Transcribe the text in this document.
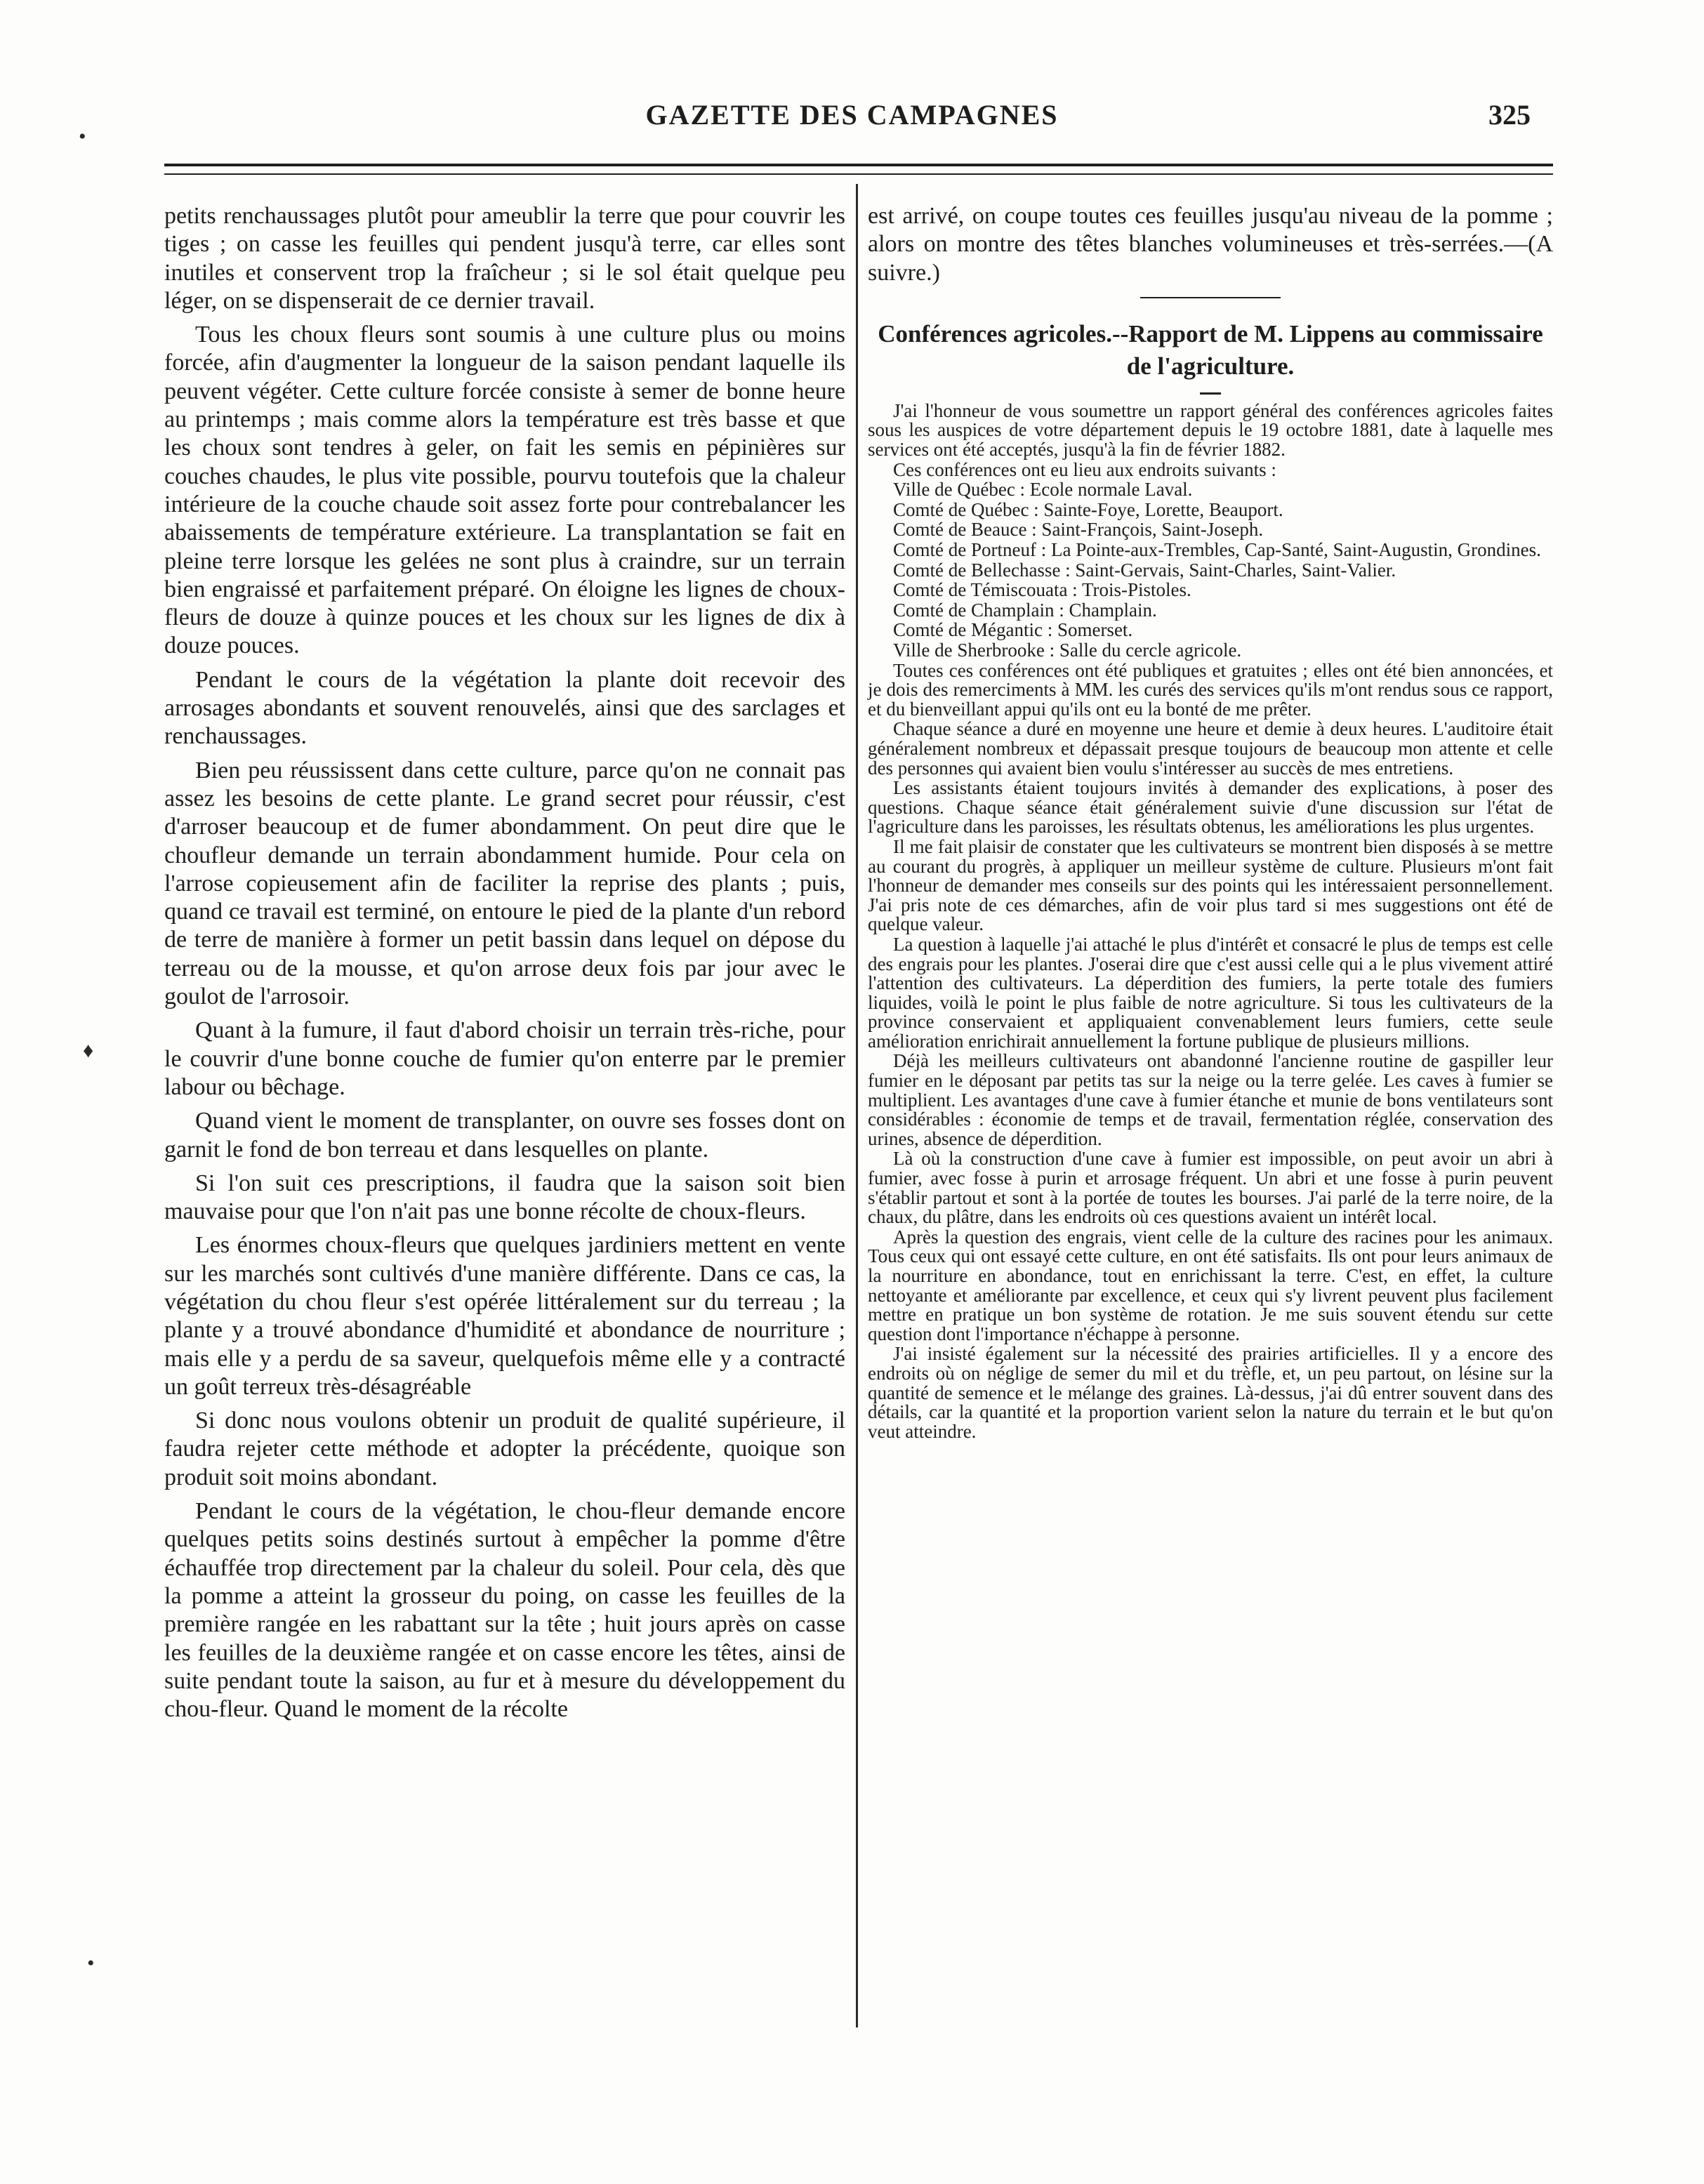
GAZETTE DES CAMPAGNES	325
•
♦
•

petits renchaussages plutôt pour ameublir la terre que pour couvrir les tiges ; on casse les feuilles qui pendent jusqu'à terre, car elles sont inutiles et conservent trop la fraîcheur ; si le sol était quelque peu léger, on se dispenserait de ce dernier travail.

Tous les choux fleurs sont soumis à une culture plus ou moins forcée, afin d'augmenter la longueur de la saison pendant laquelle ils peuvent végéter. Cette culture forcée consiste à semer de bonne heure au printemps ; mais comme alors la température est très basse et que les choux sont tendres à geler, on fait les semis en pépinières sur couches chaudes, le plus vite possible, pourvu toutefois que la chaleur intérieure de la couche chaude soit assez forte pour contrebalancer les abaissements de température extérieure. La transplantation se fait en pleine terre lorsque les gelées ne sont plus à craindre, sur un terrain bien engraissé et parfaitement préparé. On éloigne les lignes de choux-fleurs de douze à quinze pouces et les choux sur les lignes de dix à douze pouces.

Pendant le cours de la végétation la plante doit recevoir des arrosages abondants et souvent renouvelés, ainsi que des sarclages et renchaussages.

Bien peu réussissent dans cette culture, parce qu'on ne connait pas assez les besoins de cette plante. Le grand secret pour réussir, c'est d'arroser beaucoup et de fumer abondamment. On peut dire que le choufleur demande un terrain abondamment humide. Pour cela on l'arrose copieusement afin de faciliter la reprise des plants ; puis, quand ce travail est terminé, on entoure le pied de la plante d'un rebord de terre de manière à former un petit bassin dans lequel on dépose du terreau ou de la mousse, et qu'on arrose deux fois par jour avec le goulot de l'arrosoir.

Quant à la fumure, il faut d'abord choisir un terrain très-riche, pour le couvrir d'une bonne couche de fumier qu'on enterre par le premier labour ou bêchage.

Quand vient le moment de transplanter, on ouvre ses fosses dont on garnit le fond de bon terreau et dans lesquelles on plante.

Si l'on suit ces prescriptions, il faudra que la saison soit bien mauvaise pour que l'on n'ait pas une bonne récolte de choux-fleurs.

Les énormes choux-fleurs que quelques jardiniers mettent en vente sur les marchés sont cultivés d'une manière différente. Dans ce cas, la végétation du chou fleur s'est opérée littéralement sur du terreau ; la plante y a trouvé abondance d'humidité et abondance de nourriture ; mais elle y a perdu de sa saveur, quelquefois même elle y a contracté un goût terreux très-désagréable

Si donc nous voulons obtenir un produit de qualité supérieure, il faudra rejeter cette méthode et adopter la précédente, quoique son produit soit moins abondant.

Pendant le cours de la végétation, le chou-fleur demande encore quelques petits soins destinés surtout à empêcher la pomme d'être échauffée trop directement par la chaleur du soleil. Pour cela, dès que la pomme a atteint la grosseur du poing, on casse les feuilles de la première rangée en les rabattant sur la tête ; huit jours après on casse les feuilles de la deuxième rangée et on casse encore les têtes, ainsi de suite pendant toute la saison, au fur et à mesure du développement du chou-fleur. Quand le moment de la récolte

est arrivé, on coupe toutes ces feuilles jusqu'au niveau de la pomme ; alors on montre des têtes blanches volumineuses et très-serrées.—(A suivre.)

Conférences agricoles.--Rapport de M. Lippens au commissaire de l'agriculture.

J'ai l'honneur de vous soumettre un rapport général des conférences agricoles faites sous les auspices de votre département depuis le 19 octobre 1881, date à laquelle mes services ont été acceptés, jusqu'à la fin de février 1882.

Ces conférences ont eu lieu aux endroits suivants :

Ville de Québec : Ecole normale Laval.

Comté de Québec : Sainte-Foye, Lorette, Beauport.

Comté de Beauce : Saint-François, Saint-Joseph.

Comté de Portneuf : La Pointe-aux-Trembles, Cap-Santé, Saint-Augustin, Grondines.

Comté de Bellechasse : Saint-Gervais, Saint-Charles, Saint-Valier.

Comté de Témiscouata : Trois-Pistoles.

Comté de Champlain : Champlain.

Comté de Mégantic : Somerset.

Ville de Sherbrooke : Salle du cercle agricole.

Toutes ces conférences ont été publiques et gratuites ; elles ont été bien annoncées, et je dois des remerciments à MM. les curés des services qu'ils m'ont rendus sous ce rapport, et du bienveillant appui qu'ils ont eu la bonté de me prêter.

Chaque séance a duré en moyenne une heure et demie à deux heures. L'auditoire était généralement nombreux et dépassait presque toujours de beaucoup mon attente et celle des personnes qui avaient bien voulu s'intéresser au succès de mes entretiens.

Les assistants étaient toujours invités à demander des explications, à poser des questions. Chaque séance était généralement suivie d'une discussion sur l'état de l'agriculture dans les paroisses, les résultats obtenus, les améliorations les plus urgentes.

Il me fait plaisir de constater que les cultivateurs se montrent bien disposés à se mettre au courant du progrès, à appliquer un meilleur système de culture. Plusieurs m'ont fait l'honneur de demander mes conseils sur des points qui les intéressaient personnellement. J'ai pris note de ces démarches, afin de voir plus tard si mes suggestions ont été de quelque valeur.

La question à laquelle j'ai attaché le plus d'intérêt et consacré le plus de temps est celle des engrais pour les plantes. J'oserai dire que c'est aussi celle qui a le plus vivement attiré l'attention des cultivateurs. La déperdition des fumiers, la perte totale des fumiers liquides, voilà le point le plus faible de notre agriculture. Si tous les cultivateurs de la province conservaient et appliquaient convenablement leurs fumiers, cette seule amélioration enrichirait annuellement la fortune publique de plusieurs millions.

Déjà les meilleurs cultivateurs ont abandonné l'ancienne routine de gaspiller leur fumier en le déposant par petits tas sur la neige ou la terre gelée. Les caves à fumier se multiplient. Les avantages d'une cave à fumier étanche et munie de bons ventilateurs sont considérables : économie de temps et de travail, fermentation réglée, conservation des urines, absence de déperdition.

Là où la construction d'une cave à fumier est impossible, on peut avoir un abri à fumier, avec fosse à purin et arrosage fréquent. Un abri et une fosse à purin peuvent s'établir partout et sont à la portée de toutes les bourses. J'ai parlé de la terre noire, de la chaux, du plâtre, dans les endroits où ces questions avaient un intérêt local.

Après la question des engrais, vient celle de la culture des racines pour les animaux. Tous ceux qui ont essayé cette culture, en ont été satisfaits. Ils ont pour leurs animaux de la nourriture en abondance, tout en enrichissant la terre. C'est, en effet, la culture nettoyante et améliorante par excellence, et ceux qui s'y livrent peuvent plus facilement mettre en pratique un bon système de rotation. Je me suis souvent étendu sur cette question dont l'importance n'échappe à personne.

J'ai insisté également sur la nécessité des prairies artificielles. Il y a encore des endroits où on néglige de semer du mil et du trèfle, et, un peu partout, on lésine sur la quantité de semence et le mélange des graines. Là-dessus, j'ai dû entrer souvent dans des détails, car la quantité et la proportion varient selon la nature du terrain et le but qu'on veut atteindre.
